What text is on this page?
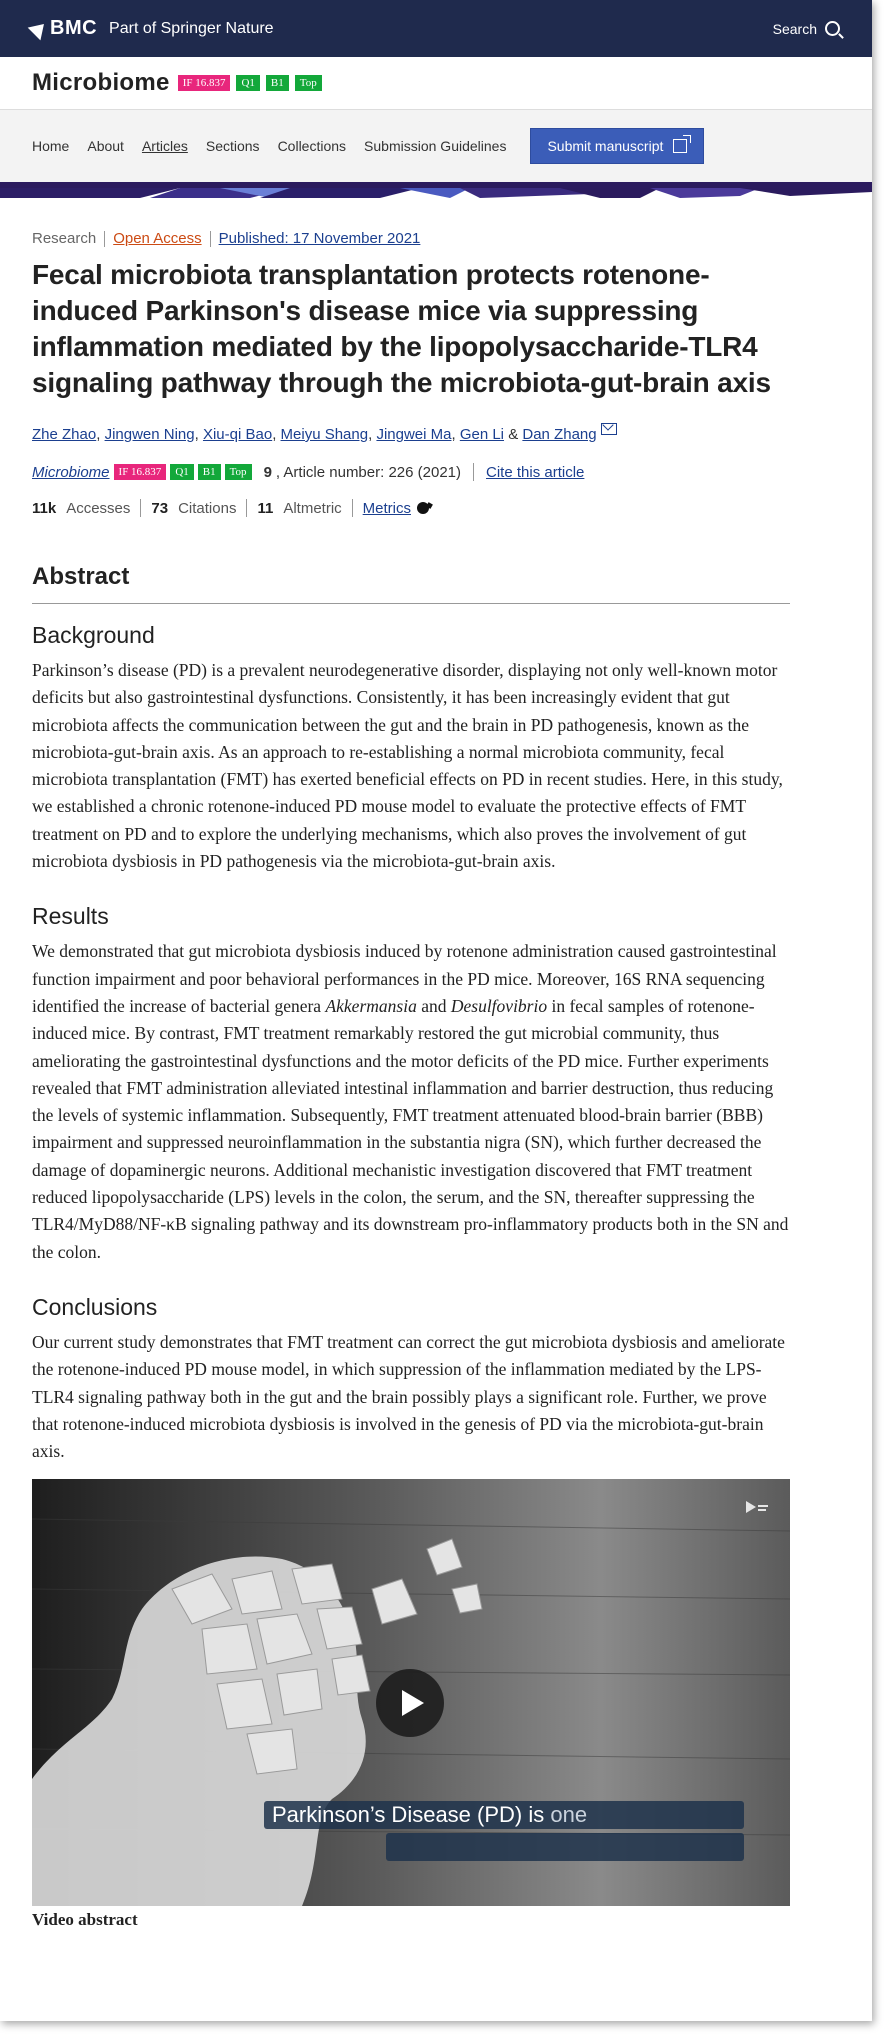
BMC Part of Springer Nature	Search
Microbiome	IF 16.837	Q1	B1	Top
Home About Articles Sections Collections Submission Guidelines	Submit manuscript
Research Open Access Published: 17 November 2021
Fecal microbiota transplantation protects rotenone-induced Parkinson's disease mice via suppressing inflammation mediated by the lipopolysaccharide-TLR4 signaling pathway through the microbiota-gut-brain axis
Zhe Zhao, Jingwen Ning, Xiu-qi Bao, Meiyu Shang, Jingwei Ma, Gen Li & Dan Zhang
Microbiome IF 16.837	Q1	B1	Top	9 , Article number: 226 (2021) Cite this article
11k Accesses 73 Citations 11 Altmetric Metrics
Abstract
Background

Parkinson’s disease (PD) is a prevalent neurodegenerative disorder, displaying not only well-known motor deficits but also gastrointestinal dysfunctions. Consistently, it has been increasingly evident that gut microbiota affects the communication between the gut and the brain in PD pathogenesis, known as the microbiota-gut-brain axis. As an approach to re-establishing a normal microbiota community, fecal microbiota transplantation (FMT) has exerted beneficial effects on PD in recent studies. Here, in this study, we established a chronic rotenone-induced PD mouse model to evaluate the protective effects of FMT treatment on PD and to explore the underlying mechanisms, which also proves the involvement of gut microbiota dysbiosis in PD pathogenesis via the microbiota-gut-brain axis.

Results

We demonstrated that gut microbiota dysbiosis induced by rotenone administration caused gastrointestinal function impairment and poor behavioral performances in the PD mice. Moreover, 16S RNA sequencing identified the increase of bacterial genera Akkermansia and Desulfovibrio in fecal samples of rotenone-induced mice. By contrast, FMT treatment remarkably restored the gut microbial community, thus ameliorating the gastrointestinal dysfunctions and the motor deficits of the PD mice. Further experiments revealed that FMT administration alleviated intestinal inflammation and barrier destruction, thus reducing the levels of systemic inflammation. Subsequently, FMT treatment attenuated blood-brain barrier (BBB) impairment and suppressed neuroinflammation in the substantia nigra (SN), which further decreased the damage of dopaminergic neurons. Additional mechanistic investigation discovered that FMT treatment reduced lipopolysaccharide (LPS) levels in the colon, the serum, and the SN, thereafter suppressing the TLR4/MyD88/NF-κB signaling pathway and its downstream pro-inflammatory products both in the SN and the colon.

Conclusions

Our current study demonstrates that FMT treatment can correct the gut microbiota dysbiosis and ameliorate the rotenone-induced PD mouse model, in which suppression of the inflammation mediated by the LPS-TLR4 signaling pathway both in the gut and the brain possibly plays a significant role. Further, we prove that rotenone-induced microbiota dysbiosis is involved in the genesis of PD via the microbiota-gut-brain axis.

Parkinson’s Disease (PD) is one
Video abstract
